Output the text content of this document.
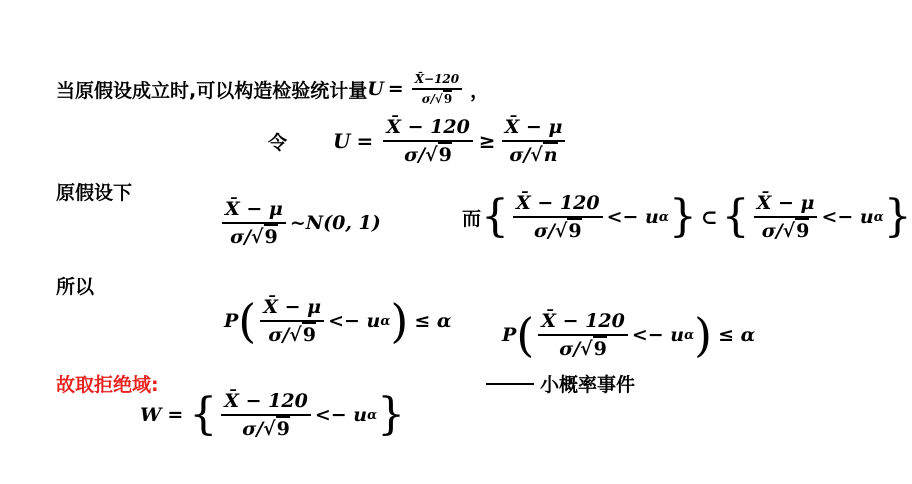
当原假设成立时,可以构造检验统计量 $U = \frac{X̄-120}{\sigma/√9}$ ，
令 $U = \frac{X̄ - 120}{\sigma/√9} \ge \frac{X̄ - \mu}{\sigma/√n}$
原假设下
$\frac{X̄ - \mu}{\sigma/√9}$ ~N(0, 1)	而 { $\frac{X̄ - 120}{\sigma/√9} <- u$ α } ⊂ { $\frac{X̄ - \mu}{\sigma/√9} <- u$ α }
所以
P ( $\frac{X̄ - \mu}{\sigma/√9} <- u$ α ) ≤ α
P ( $\frac{X̄ - 120}{\sigma/√9} <- u$ α ) ≤ α
故取拒绝域:	小概率事件
W = { $\frac{X̄ - 120}{\sigma/√9} <- u$ α }
